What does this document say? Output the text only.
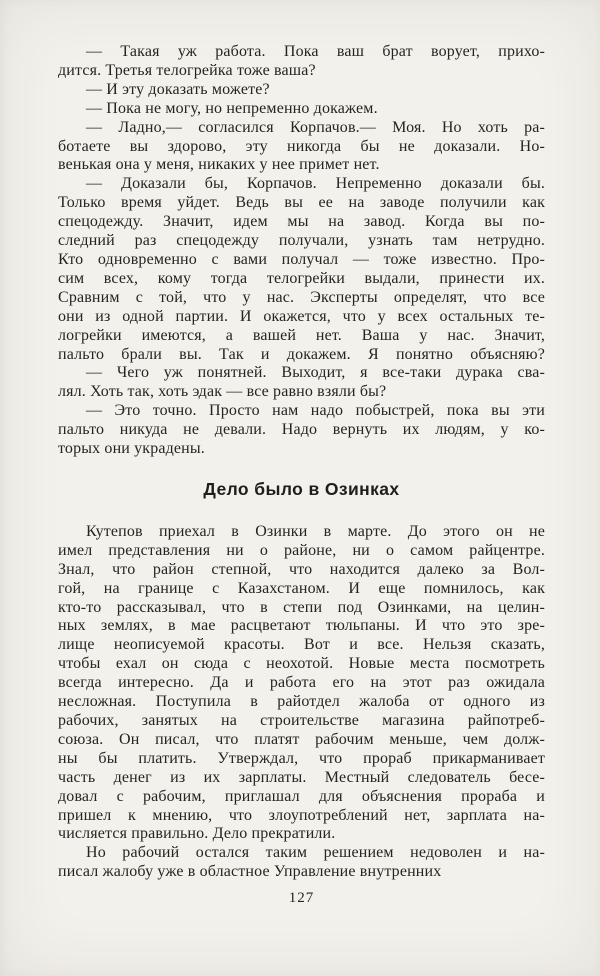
— Такая уж работа. Пока ваш брат ворует, прихо-
дится. Третья телогрейка тоже ваша?

— И эту доказать можете?

— Пока не могу, но непременно докажем.

— Ладно,— согласился Корпачов.— Моя. Но хоть ра-
ботаете вы здорово, эту никогда бы не доказали. Но-
венькая она у меня, никаких у нее примет нет.

— Доказали бы, Корпачов. Непременно доказали бы.
Только время уйдет. Ведь вы ее на заводе получили как
спецодежду. Значит, идем мы на завод. Когда вы по-
следний раз спецодежду получали, узнать там нетрудно.
Кто одновременно с вами получал — тоже известно. Про-
сим всех, кому тогда телогрейки выдали, принести их.
Сравним с той, что у нас. Эксперты определят, что все
они из одной партии. И окажется, что у всех остальных те-
логрейки имеются, а вашей нет. Ваша у нас. Значит,
пальто брали вы. Так и докажем. Я понятно объясняю?

— Чего уж понятней. Выходит, я все-таки дурака сва-
лял. Хоть так, хоть эдак — все равно взяли бы?

— Это точно. Просто нам надо побыстрей, пока вы эти
пальто никуда не девали. Надо вернуть их людям, у ко-
торых они украдены.

Дело было в Озинках

Кутепов приехал в Озинки в марте. До этого он не
имел представления ни о районе, ни о самом райцентре.
Знал, что район степной, что находится далеко за Вол-
гой, на границе с Казахстаном. И еще помнилось, как
кто-то рассказывал, что в степи под Озинками, на целин-
ных землях, в мае расцветают тюльпаны. И что это зре-
лище неописуемой красоты. Вот и все. Нельзя сказать,
чтобы ехал он сюда с неохотой. Новые места посмотреть
всегда интересно. Да и работа его на этот раз ожидала
несложная. Поступила в райотдел жалоба от одного из
рабочих, занятых на строительстве магазина райпотреб-
союза. Он писал, что платят рабочим меньше, чем долж-
ны бы платить. Утверждал, что прораб прикарманивает
часть денег из их зарплаты. Местный следователь бесе-
довал с рабочим, приглашал для объяснения прораба и
пришел к мнению, что злоупотреблений нет, зарплата на-
числяется правильно. Дело прекратили.

Но рабочий остался таким решением недоволен и на-
писал жалобу уже в областное Управление внутренних

127
